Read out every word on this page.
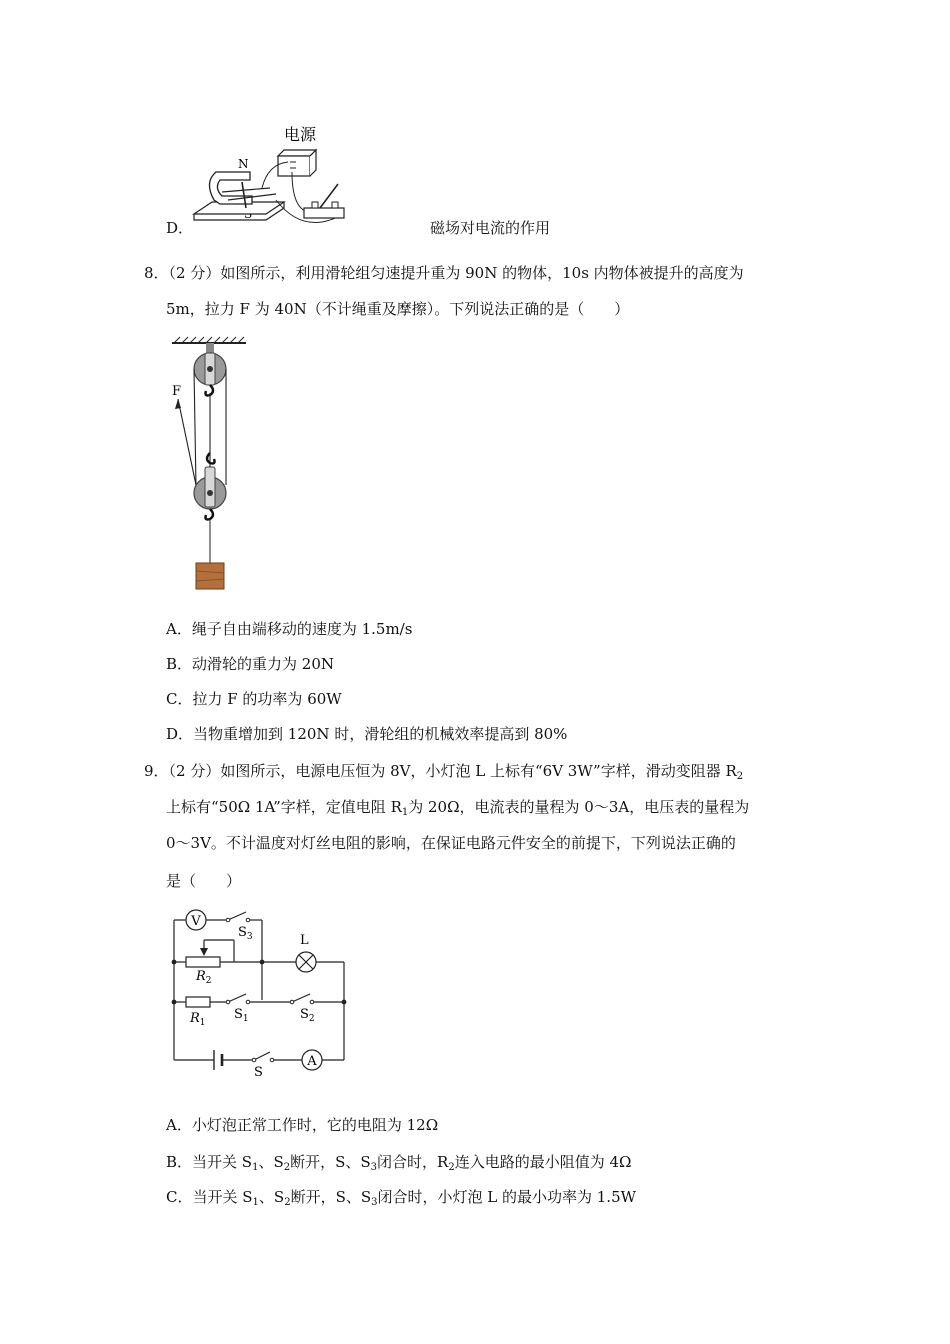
D．
电源
N
磁场对电流的作用
8．（2 分）如图所示，利用滑轮组匀速提升重为 90N 的物体，10s 内物体被提升的高度为
5m，拉力 F 为 40N（不计绳重及摩擦）。下列说法正确的是（　　）
F
A．绳子自由端移动的速度为 1.5m/s
B．动滑轮的重力为 20N
C．拉力 F 的功率为 60W
D．当物重增加到 120N 时，滑轮组的机械效率提高到 80%
9．（2 分）如图所示，电源电压恒为 8V，小灯泡 L 上标有“6V 3W”字样，滑动变阻器 $R_2$
上标有“50Ω 1A”字样，定值电阻 $R_1$为 20Ω，电流表的量程为 0～3A，电压表的量程为
0～3V。不计温度对灯丝电阻的影响，在保证电路元件安全的前提下，下列说法正确的
是（　　）
V
A
L
$S_3$
$R_2$
$R_1$
$S_1$	$S_2$
S
A．小灯泡正常工作时，它的电阻为 12Ω
B．当开关 $S_1$、$S_2$断开，S、$S_3$闭合时，$R_2$连入电路的最小阻值为 4Ω
C．当开关 $S_1$、$S_2$断开，S、$S_3$闭合时，小灯泡 L 的最小功率为 1.5W
